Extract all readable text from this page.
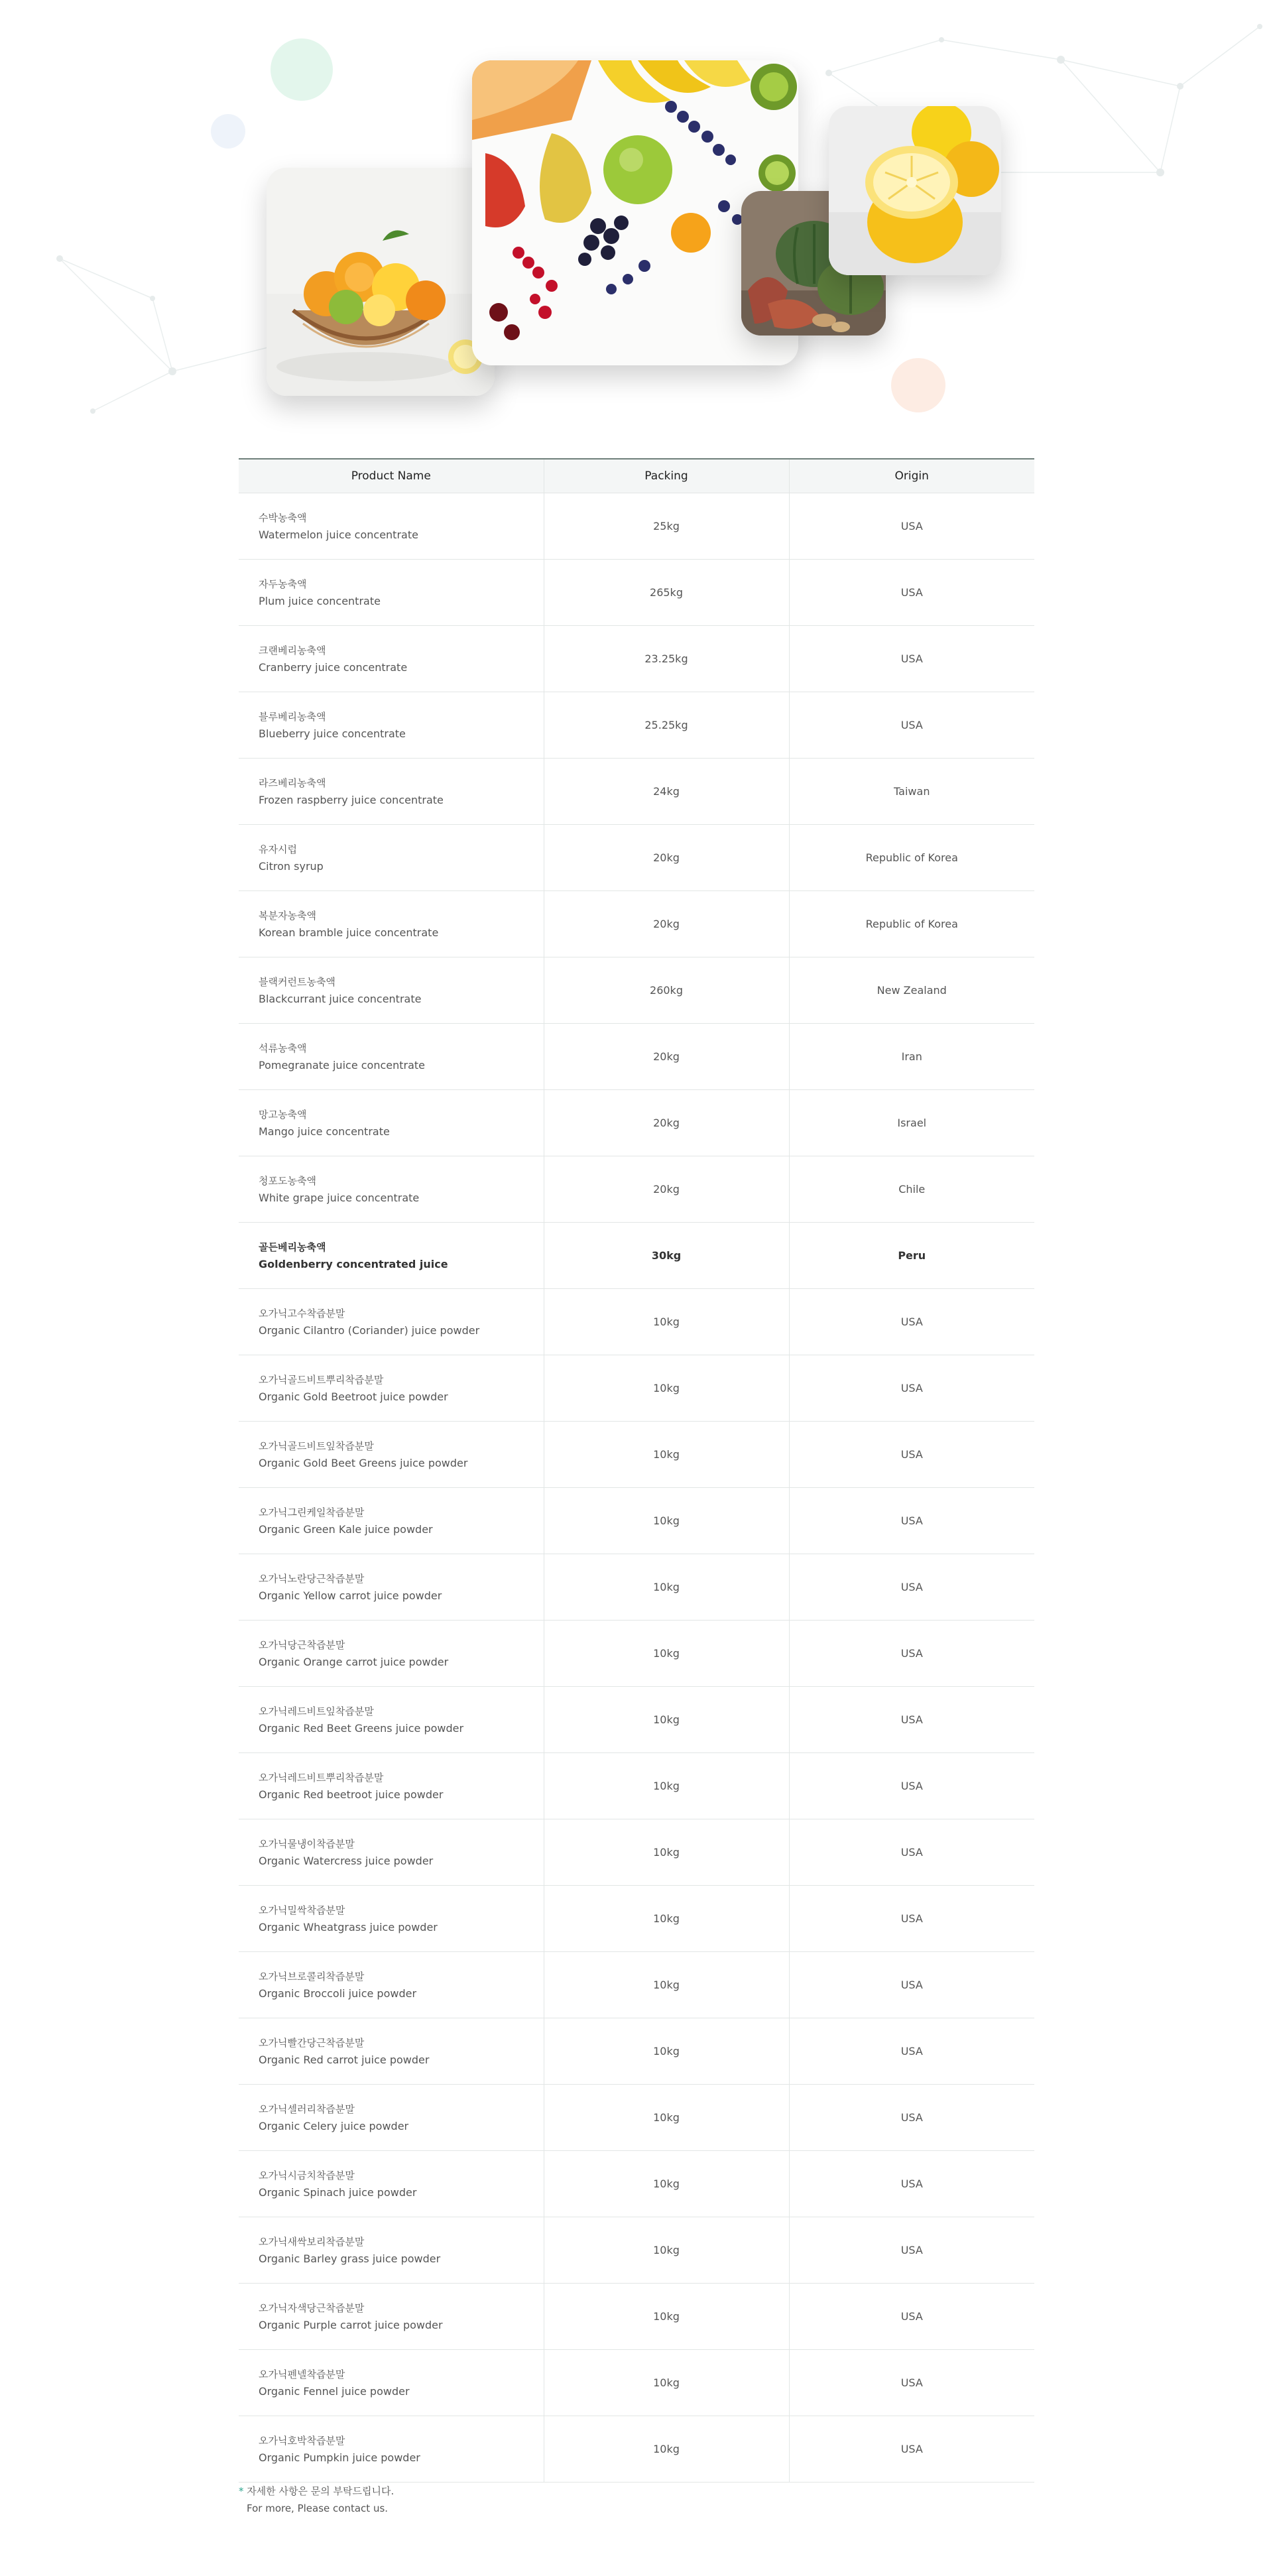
Product Name	Packing	Origin

수박농축액
Watermelon juice concentrate	25kg	USA

자두농축액
Plum juice concentrate	265kg	USA

크랜베리농축액
Cranberry juice concentrate	23.25kg	USA

블루베리농축액
Blueberry juice concentrate	25.25kg	USA

라즈베리농축액
Frozen raspberry juice concentrate	24kg	Taiwan

유자시럽
Citron syrup	20kg	Republic of Korea

복분자농축액
Korean bramble juice concentrate	20kg	Republic of Korea

블랙커런트농축액
Blackcurrant juice concentrate	260kg	New Zealand

석류농축액
Pomegranate juice concentrate	20kg	Iran

망고농축액
Mango juice concentrate	20kg	Israel

청포도농축액
White grape juice concentrate	20kg	Chile

골든베리농축액
Goldenberry concentrated juice	30kg	Peru

오가닉고수착즙분말
Organic Cilantro (Coriander) juice powder	10kg	USA

오가닉골드비트뿌리착즙분말
Organic Gold Beetroot juice powder	10kg	USA

오가닉골드비트잎착즙분말
Organic Gold Beet Greens juice powder	10kg	USA

오가닉그린케일착즙분말
Organic Green Kale juice powder	10kg	USA

오가닉노란당근착즙분말
Organic Yellow carrot juice powder	10kg	USA

오가닉당근착즙분말
Organic Orange carrot juice powder	10kg	USA

오가닉레드비트잎착즙분말
Organic Red Beet Greens juice powder	10kg	USA

오가닉레드비트뿌리착즙분말
Organic Red beetroot juice powder	10kg	USA

오가닉물냉이착즙분말
Organic Watercress juice powder	10kg	USA

오가닉밀싹착즙분말
Organic Wheatgrass juice powder	10kg	USA

오가닉브로콜리착즙분말
Organic Broccoli juice powder	10kg	USA

오가닉빨간당근착즙분말
Organic Red carrot juice powder	10kg	USA

오가닉셀러리착즙분말
Organic Celery juice powder	10kg	USA

오가닉시금치착즙분말
Organic Spinach juice powder	10kg	USA

오가닉새싹보리착즙분말
Organic Barley grass juice powder	10kg	USA

오가닉자색당근착즙분말
Organic Purple carrot juice powder	10kg	USA

오가닉펜넬착즙분말
Organic Fennel juice powder	10kg	USA

오가닉호박착즙분말
Organic Pumpkin juice powder	10kg	USA
* 자세한 사항은 문의 부탁드립니다.
For more, Please contact us.
